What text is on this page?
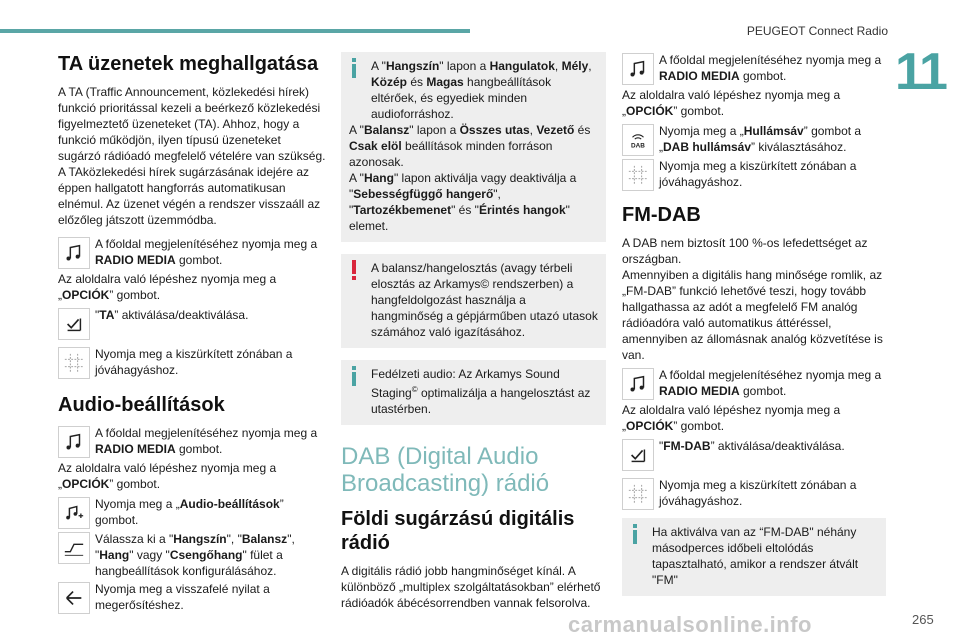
PEUGEOT Connect Radio
11
TA üzenetek meghallgatása

A TA (Traffic Announcement, közlekedési hírek) funkció prioritással kezeli a beérkező közlekedési figyelmeztető üzeneteket (TA). Ahhoz, hogy a funkció működjön, ilyen típusú üzeneteket sugárzó rádióadó megfelelő vételére van szükség. A TAközlekedési hírek sugárzásának idejére az éppen hallgatott hangforrás automatikusan elnémul. Az üzenet végén a rendszer visszaáll az előzőleg játszott üzemmódba.

A főoldal megjelenítéséhez nyomja meg a RADIO MEDIA gombot.

Az aloldalra való lépéshez nyomja meg a „OPCIÓK” gombot.

"TA” aktiválása/deaktiválása.
Nyomja meg a kiszürkített zónában a jóváhagyáshoz.
Audio-beállítások
A főoldal megjelenítéséhez nyomja meg a RADIO MEDIA gombot.

Az aloldalra való lépéshez nyomja meg a „OPCIÓK” gombot.

Nyomja meg a „Audio-beállítások” gombot.
Válassza ki a "Hangszín", "Balansz", "Hang" vagy "Csengőhang" fület a hangbeállítások konfigurálásához.
Nyomja meg a visszafelé nyilat a megerősítéshez.

A "Hangszín" lapon a Hangulatok, Mély, Közép és Magas hangbeállítások eltérőek, és egyediek minden audioforráshoz.

A "Balansz" lapon a Összes utas, Vezető és Csak elöl beállítások minden forráson azonosak.

A "Hang" lapon aktiválja vagy deaktiválja a "Sebességfüggő hangerő", "Tartozékbemenet" és "Érintés hangok" elemet.

A balansz/hangelosztás (avagy térbeli elosztás az Arkamys© rendszerben) a hangfeldolgozást használja a hangminőség a gépjárműben utazó utasok számához való igazításához.

Fedélzeti audio: Az Arkamys Sound Staging© optimalizálja a hangelosztást az utastérben.

DAB (Digital Audio Broadcasting) rádió
Földi sugárzású digitális rádió

A digitális rádió jobb hangminőséget kínál. A különböző „multiplex szolgáltatásokban” elérhető rádióadók ábécésorrendben vannak felsorolva.

A főoldal megjelenítéséhez nyomja meg a RADIO MEDIA gombot.

Az aloldalra való lépéshez nyomja meg a „OPCIÓK” gombot.

DAB
Nyomja meg a „Hullámsáv” gombot a „DAB hullámsáv” kiválasztásához.
Nyomja meg a kiszürkített zónában a jóváhagyáshoz.
FM-DAB

A DAB nem biztosít 100 %-os lefedettséget az országban.

Amennyiben a digitális hang minősége romlik, az „FM-DAB” funkció lehetővé teszi, hogy tovább hallgathassa az adót a megfelelő FM analóg rádióadóra való automatikus áttéréssel, amennyiben az állomásnak analóg közvetítése is van.

A főoldal megjelenítéséhez nyomja meg a RADIO MEDIA gombot.

Az aloldalra való lépéshez nyomja meg a „OPCIÓK” gombot.

"FM-DAB” aktiválása/deaktiválása.
Nyomja meg a kiszürkített zónában a jóváhagyáshoz.

Ha aktiválva van az “FM-DAB" néhány másodperces időbeli eltolódás tapasztalható, amikor a rendszer átvált "FM"

carmanualsonline.info	265
